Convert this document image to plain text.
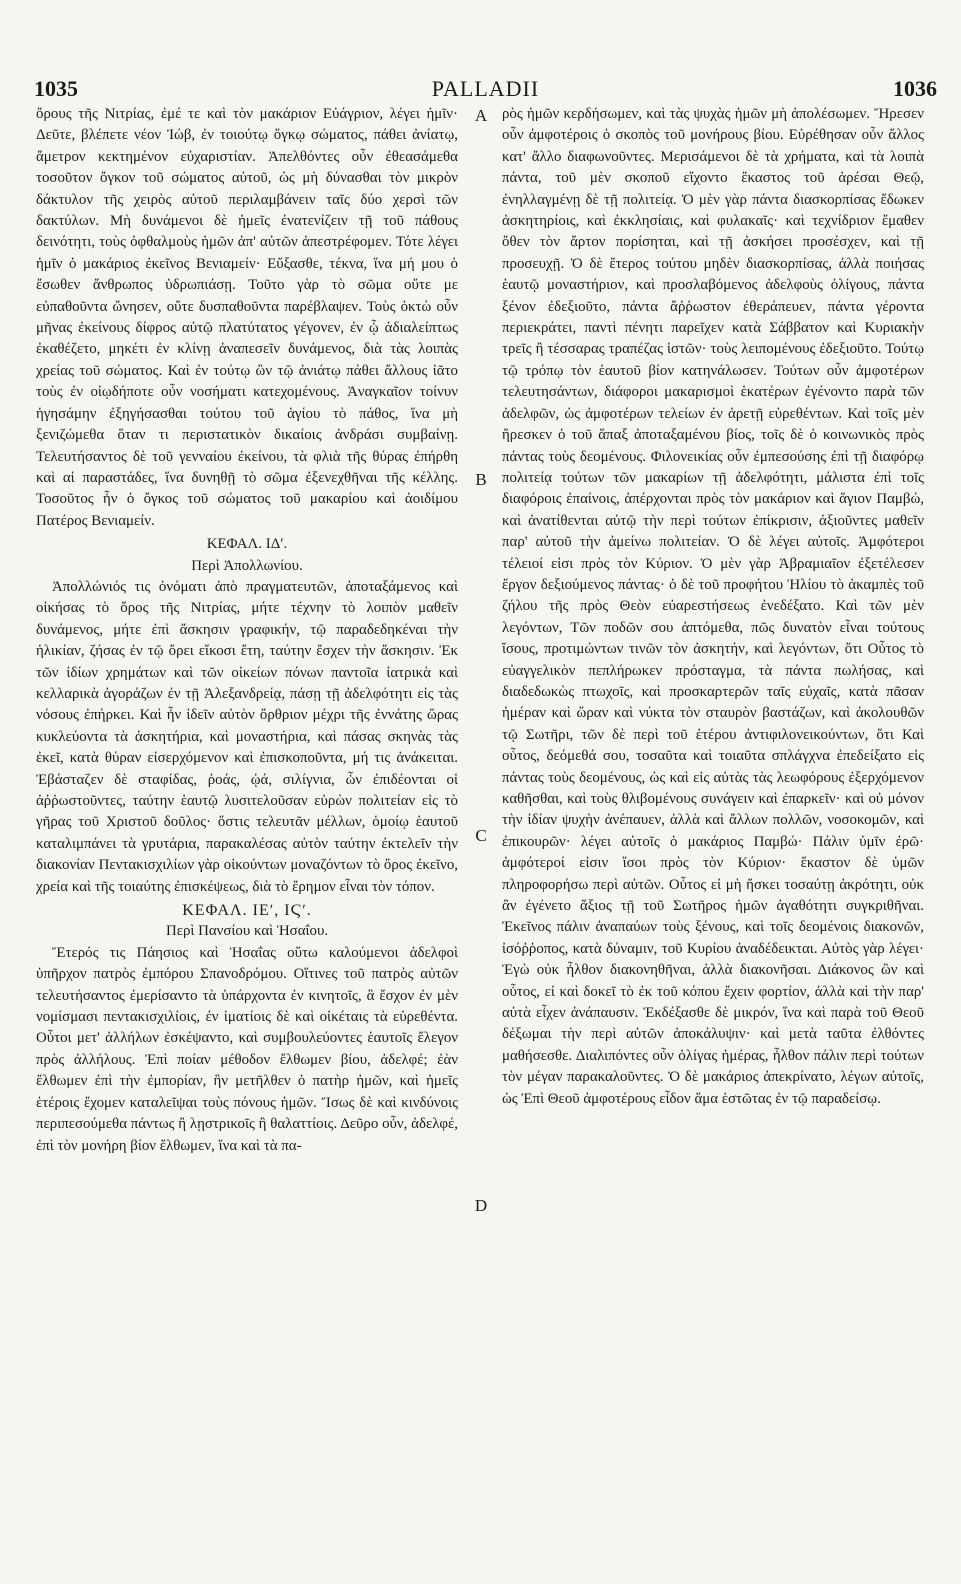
PALLADII
1035	1036

ὄρους τῆς Νιτρίας, ἐμέ τε καὶ τὸν μακάριον Εὐάγριον, λέγει ἡμῖν· Δεῦτε, βλέπετε νέον Ἰώβ, ἐν τοιούτῳ ὄγκῳ σώματος, πάθει ἀνίατῳ, ἄμετρον κεκτημένον εὐχαριστίαν. Ἀπελθόντες οὖν ἐθεασάμεθα τοσοῦτον ὄγκον τοῦ σώματος αὐτοῦ, ὡς μὴ δύνασθαι τὸν μικρὸν δάκτυλον τῆς χειρὸς αὐτοῦ περιλαμβάνειν ταῖς δύο χερσὶ τῶν δακτύλων. Μὴ δυνάμενοι δὲ ἡμεῖς ἐνατενίζειν τῇ τοῦ πάθους δεινότητι, τοὺς ὀφθαλμοὺς ἡμῶν ἀπ' αὐτῶν ἀπεστρέφομεν. Τότε λέγει ἡμῖν ὁ μακάριος ἐκεῖνος Βενιαμείν· Εὔξασθε, τέκνα, ἵνα μή μου ὁ ἔσωθεν ἄνθρωπος ὑδρωπιάσῃ. Τοῦτο γὰρ τὸ σῶμα οὔτε με εὐπαθοῦντα ὤνησεν, οὔτε δυσπαθοῦντα παρέβλαψεν. Τοὺς ὀκτὼ οὖν μῆνας ἐκείνους δίφρος αὐτῷ πλατύτατος γέγονεν, ἐν ᾧ ἀδιαλείπτως ἐκαθέζετο, μηκέτι ἐν κλίνῃ ἀναπεσεῖν δυνάμενος, διὰ τὰς λοιπὰς χρείας τοῦ σώματος. Καὶ ἐν τούτῳ ὢν τῷ ἀνιάτῳ πάθει ἄλλους ἰᾶτο τοὺς ἐν οἱῳδήποτε οὖν νοσήματι κατεχομένους. Ἀναγκαῖον τοίνυν ἡγησάμην ἐξηγήσασθαι τούτου τοῦ ἁγίου τὸ πάθος, ἵνα μὴ ξενιζώμεθα ὅταν τι περιστατικὸν δικαίοις ἀνδράσι συμβαίνῃ. Τελευτήσαντος δὲ τοῦ γενναίου ἐκείνου, τὰ φλιὰ τῆς θύρας ἐπήρθη καὶ αἱ παραστάδες, ἵνα δυνηθῇ τὸ σῶμα ἐξενεχθῆναι τῆς κέλλης. Τοσοῦτος ἦν ὁ ὄγκος τοῦ σώματος τοῦ μακαρίου καὶ ἀοιδίμου Πατέρος Βενιαμείν.

ΚΕΦΑΛ. ΙΔʹ.

Περὶ Ἀπολλωνίου.

Ἀπολλώνιός τις ὀνόματι ἀπὸ πραγματευτῶν, ἀποταξάμενος καὶ οἰκήσας τὸ ὄρος τῆς Νιτρίας, μήτε τέχνην τὸ λοιπὸν μαθεῖν δυνάμενος, μήτε ἐπὶ ἄσκησιν γραφικήν, τῷ παραδεδηκέναι τὴν ἡλικίαν, ζήσας ἐν τῷ ὄρει εἴκοσι ἔτη, ταύτην ἔσχεν τὴν ἄσκησιν. Ἐκ τῶν ἰδίων χρημάτων καὶ τῶν οἰκείων πόνων παντοῖα ἰατρικὰ καὶ κελλαρικὰ ἀγοράζων ἐν τῇ Ἀλεξανδρείᾳ, πάσῃ τῇ ἀδελφότητι εἰς τὰς νόσους ἐπήρκει. Καὶ ἦν ἰδεῖν αὐτὸν ὄρθριον μέχρι τῆς ἐννάτης ὥρας κυκλεύοντα τὰ ἀσκητήρια, καὶ μοναστήρια, καὶ πάσας σκηνὰς τὰς ἐκεῖ, κατὰ θύραν εἰσερχόμενον καὶ ἐπισκοποῦντα, μή τις ἀνάκειται. Ἐβάσταζεν δὲ σταφίδας, ῥοάς, ᾠά, σιλίγνια, ὧν ἐπιδέονται οἱ ἀῤῥωστοῦντες, ταύτην ἑαυτῷ λυσιτελοῦσαν εὑρὼν πολιτείαν εἰς τὸ γῆρας τοῦ Χριστοῦ δοῦλος· ὅστις τελευτᾶν μέλλων, ὁμοίῳ ἑαυτοῦ καταλιμπάνει τὰ γρυτάρια, παρακαλέσας αὐτὸν ταύτην ἐκτελεῖν τὴν διακονίαν Πεντακισχιλίων γὰρ οἰκούντων μοναζόντων τὸ ὄρος ἐκεῖνο, χρεία καὶ τῆς τοιαύτης ἐπισκέψεως, διὰ τὸ ἔρημον εἶναι τὸν τόπον.

ΚΕΦΑΛ. ΙΕʹ, ΙϚʹ.

Περὶ Πανσίου καὶ Ἡσαΐου.

Ἕτερός τις Πάησιος καὶ Ἡσαΐας οὕτω καλούμενοι ἀδελφοὶ ὑπῆρχον πατρὸς ἐμπόρου Σπανοδρόμου. Οἵτινες τοῦ πατρὸς αὐτῶν τελευτήσαντος ἐμερίσαντο τὰ ὑπάρχοντα ἐν κινητοῖς, ἃ ἔσχον ἐν μὲν νομίσμασι πεντακισχιλίοις, ἐν ἱματίοις δὲ καὶ οἰκέταις τὰ εὑρεθέντα. Οὗτοι μετ' ἀλλήλων ἐσκέψαντο, καὶ συμβουλεύοντες ἑαυτοῖς ἔλεγον πρὸς ἀλλήλους. Ἐπὶ ποίαν μέθοδον ἔλθωμεν βίου, ἀδελφέ; ἐὰν ἔλθωμεν ἐπὶ τὴν ἐμπορίαν, ἣν μετῆλθεν ὁ πατὴρ ἡμῶν, καὶ ἡμεῖς ἑτέροις ἔχομεν καταλεῖψαι τοὺς πόνους ἡμῶν. Ἴσως δὲ καὶ κινδύνοις περιπεσούμεθα πάντως ἢ λῃστρικοῖς ἢ θαλαττίοις. Δεῦρο οὖν, ἀδελφέ, ἐπὶ τὸν μονήρη βίον ἔλθωμεν, ἵνα καὶ τὰ πα-

A
B
C
D

ρὸς ἡμῶν κερδήσωμεν, καὶ τὰς ψυχὰς ἡμῶν μὴ ἀπολέσωμεν. Ἤρεσεν οὖν ἀμφοτέροις ὁ σκοπὸς τοῦ μονήρους βίου. Εὑρέθησαν οὖν ἄλλος κατ' ἄλλο διαφωνοῦντες. Μερισάμενοι δὲ τὰ χρήματα, καὶ τὰ λοιπὰ πάντα, τοῦ μὲν σκοποῦ εἴχοντο ἕκαστος τοῦ ἀρέσαι Θεῷ, ἐνηλλαγμένῃ δὲ τῇ πολιτείᾳ. Ὁ μὲν γὰρ πάντα διασκορπίσας ἔδωκεν ἀσκητηρίοις, καὶ ἐκκλησίαις, καὶ φυλακαῖς· καὶ τεχνίδριον ἔμαθεν ὅθεν τὸν ἄρτον πορίσηται, καὶ τῇ ἀσκήσει προσέσχεν, καὶ τῇ προσευχῇ. Ὁ δὲ ἕτερος τούτου μηδὲν διασκορπίσας, ἀλλὰ ποιήσας ἑαυτῷ μοναστήριον, καὶ προσλαβόμενος ἀδελφοὺς ὀλίγους, πάντα ξένον ἐδεξιοῦτο, πάντα ἄῤῥωστον ἐθεράπευεν, πάντα γέροντα περιεκράτει, παντὶ πένητι παρεῖχεν κατὰ Σάββατον καὶ Κυριακὴν τρεῖς ἢ τέσσαρας τραπέζας ἱστῶν· τοὺς λειπομένους ἐδεξιοῦτο. Τούτῳ τῷ τρόπῳ τὸν ἑαυτοῦ βίον κατηνάλωσεν. Τούτων οὖν ἀμφοτέρων τελευτησάντων, διάφοροι μακαρισμοὶ ἑκατέρων ἐγένοντο παρὰ τῶν ἀδελφῶν, ὡς ἀμφοτέρων τελείων ἐν ἀρετῇ εὑρεθέντων. Καὶ τοῖς μὲν ἤρεσκεν ὁ τοῦ ἅπαξ ἀποταξαμένου βίος, τοῖς δὲ ὁ κοινωνικὸς πρὸς πάντας τοὺς δεομένους. Φιλονεικίας οὖν ἐμπεσούσης ἐπὶ τῇ διαφόρῳ πολιτείᾳ τούτων τῶν μακαρίων τῇ ἀδελφότητι, μάλιστα ἐπὶ τοῖς διαφόροις ἐπαίνοις, ἀπέρχονται πρὸς τὸν μακάριον καὶ ἅγιον Παμβώ, καὶ ἀνατίθενται αὐτῷ τὴν περὶ τούτων ἐπίκρισιν, ἀξιοῦντες μαθεῖν παρ' αὐτοῦ τὴν ἀμείνω πολιτείαν. Ὁ δὲ λέγει αὐτοῖς. Ἀμφότεροι τέλειοί εἰσι πρὸς τὸν Κύριον. Ὁ μὲν γὰρ Ἀβραμιαῖον ἐξετέλεσεν ἔργον δεξιούμενος πάντας· ὁ δὲ τοῦ προφήτου Ἡλίου τὸ ἀκαμπὲς τοῦ ζήλου τῆς πρὸς Θεὸν εὐαρεστήσεως ἐνεδέξατο. Καὶ τῶν μὲν λεγόντων, Τῶν ποδῶν σου ἁπτόμεθα, πῶς δυνατὸν εἶναι τούτους ἴσους, προτιμώντων τινῶν τὸν ἀσκητήν, καὶ λεγόντων, ὅτι Οὗτος τὸ εὐαγγελικὸν πεπλήρωκεν πρόσταγμα, τὰ πάντα πωλήσας, καὶ διαδεδωκὼς πτωχοῖς, καὶ προσκαρτερῶν ταῖς εὐχαῖς, κατὰ πᾶσαν ἡμέραν καὶ ὥραν καὶ νύκτα τὸν σταυρὸν βαστάζων, καὶ ἀκολουθῶν τῷ Σωτῆρι, τῶν δὲ περὶ τοῦ ἑτέρου ἀντιφιλονεικούντων, ὅτι Καὶ οὗτος, δεόμεθά σου, τοσαῦτα καὶ τοιαῦτα σπλάγχνα ἐπεδείξατο εἰς πάντας τοὺς δεομένους, ὡς καὶ εἰς αὐτὰς τὰς λεωφόρους ἐξερχόμενον καθῆσθαι, καὶ τοὺς θλιβομένους συνάγειν καὶ ἐπαρκεῖν· καὶ οὐ μόνον τὴν ἰδίαν ψυχὴν ἀνέπαυεν, ἀλλὰ καὶ ἄλλων πολλῶν, νοσοκομῶν, καὶ ἐπικουρῶν· λέγει αὐτοῖς ὁ μακάριος Παμβώ· Πάλιν ὑμῖν ἐρῶ· ἀμφότεροί εἰσιν ἴσοι πρὸς τὸν Κύριον· ἕκαστον δὲ ὑμῶν πληροφορήσω περὶ αὐτῶν. Οὗτος εἰ μὴ ἤσκει τοσαύτῃ ἀκρότητι, οὐκ ἂν ἐγένετο ἄξιος τῇ τοῦ Σωτῆρος ἡμῶν ἀγαθότητι συγκριθῆναι. Ἐκεῖνος πάλιν ἀναπαύων τοὺς ξένους, καὶ τοῖς δεομένοις διακονῶν, ἰσόῤῥοπος, κατὰ δύναμιν, τοῦ Κυρίου ἀναδέδεικται. Αὐτὸς γὰρ λέγει· Ἐγὼ οὐκ ἦλθον διακονηθῆναι, ἀλλὰ διακονῆσαι. Διάκονος ὢν καὶ οὗτος, εἰ καὶ δοκεῖ τὸ ἐκ τοῦ κόπου ἔχειν φορτίον, ἀλλὰ καὶ τὴν παρ' αὐτὰ εἶχεν ἀνάπαυσιν. Ἐκδέξασθε δὲ μικρόν, ἵνα καὶ παρὰ τοῦ Θεοῦ δέξωμαι τὴν περὶ αὐτῶν ἀποκάλυψιν· καὶ μετὰ ταῦτα ἐλθόντες μαθήσεσθε. Διαλιπόντες οὖν ὀλίγας ἡμέρας, ἦλθον πάλιν περὶ τούτων τὸν μέγαν παρακαλοῦντες. Ὁ δὲ μακάριος ἀπεκρίνατο, λέγων αὐτοῖς, ὡς Ἐπὶ Θεοῦ ἀμφοτέρους εἶδον ἅμα ἑστῶτας ἐν τῷ παραδείσῳ.
